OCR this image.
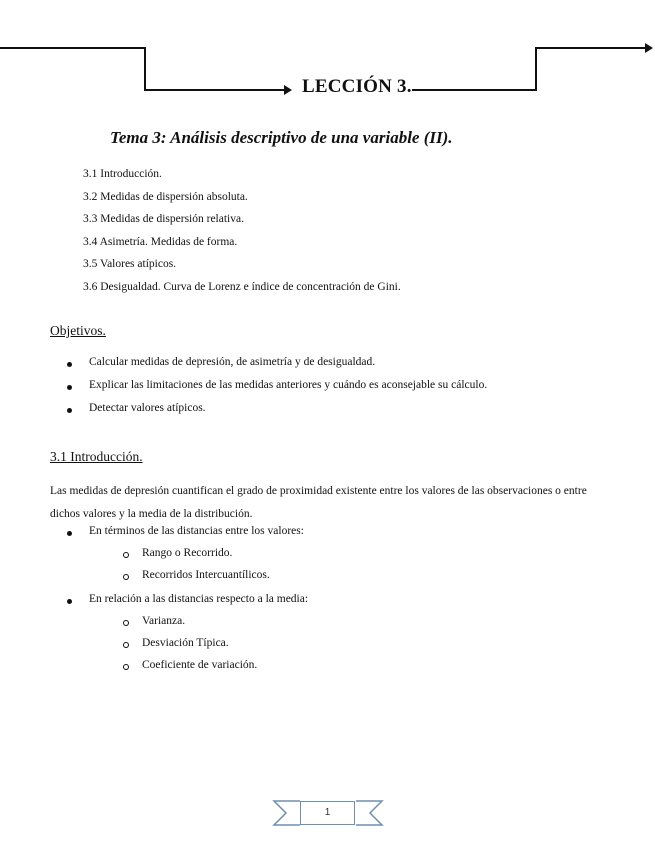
LECCIÓN 3.
Tema 3: Análisis descriptivo de una variable (II).
3.1 Introducción.
3.2 Medidas de dispersión absoluta.
3.3 Medidas de dispersión relativa.
3.4 Asimetría. Medidas de forma.
3.5 Valores atípicos.
3.6 Desigualdad. Curva de Lorenz e índice de concentración de Gini.
Objetivos.
Calcular medidas de depresión, de asimetría y de desigualdad.
Explicar las limitaciones de las medidas anteriores y cuándo es aconsejable su cálculo.
Detectar valores atípicos.
3.1 Introducción.

Las medidas de depresión cuantifican el grado de proximidad existente entre los valores de las observaciones o entre dichos valores y la media de la distribución.

En términos de las distancias entre los valores:
Rango o Recorrido.
Recorridos Intercuantílicos.
En relación a las distancias respecto a la media:
Varianza.
Desviación Típica.
Coeficiente de variación.
1
